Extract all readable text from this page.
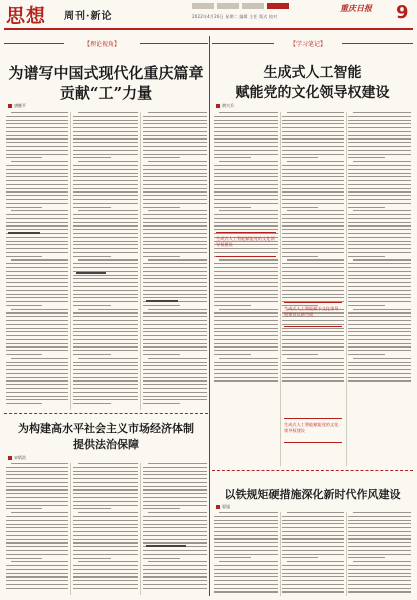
思想 周刊·新论	2022年4月26日 星期二 编辑 主任 版式 校对
重庆日报 9
【理论视角】	【学习笔记】
为谱写中国式现代化重庆篇章
贡献“工”力量
唐继平
生成式人工智能
赋能党的文化领导权建设
黄兴兵
生成式人工智能赋能党的文化领导权建设
生成式人工智能赋予文化领导权建设以新空间
生成式人工智能赋能党的文化领导权建设
为构建高水平社会主义市场经济体制
提供法治保障
宋炳浩
以铁规矩硬措施深化新时代作风建设
晏旭
